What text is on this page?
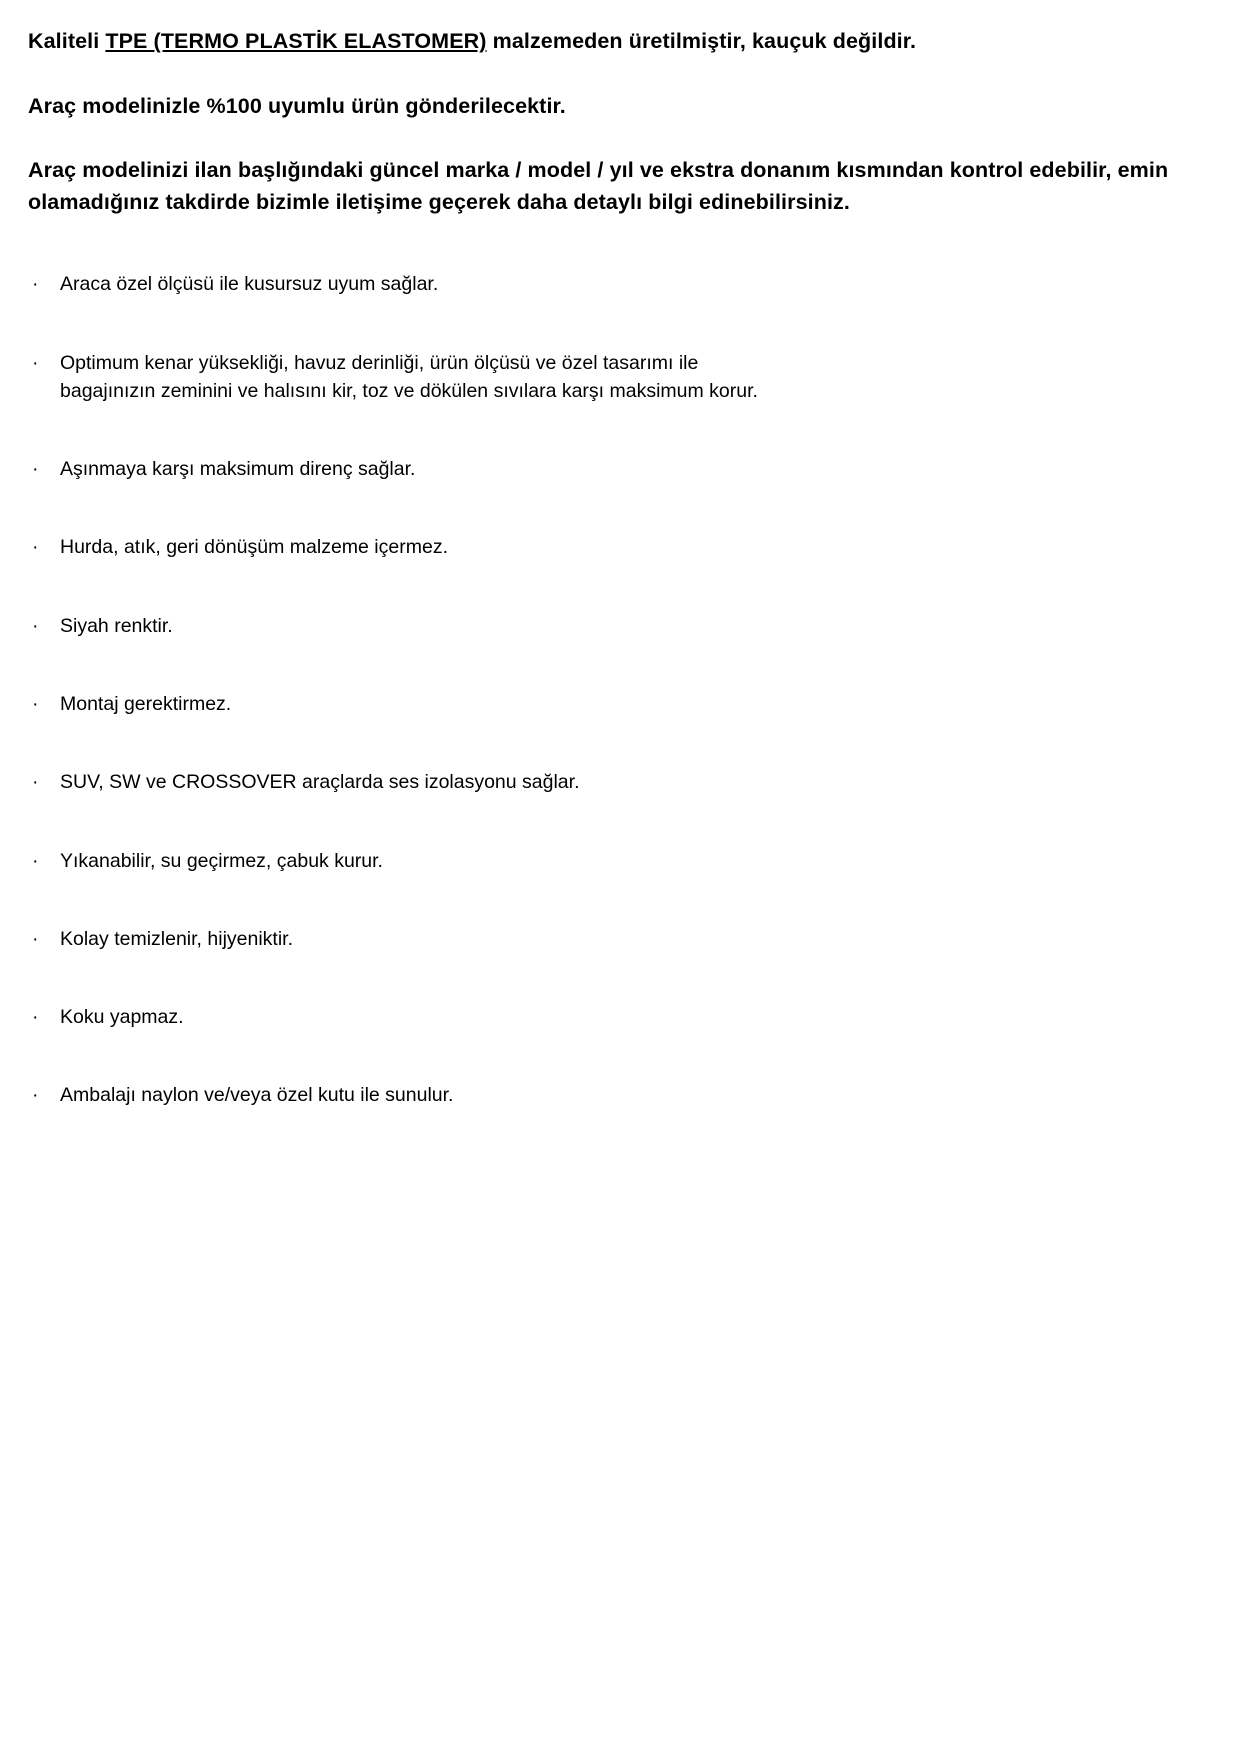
Kaliteli TPE (TERMO PLASTİK ELASTOMER) malzemeden üretilmiştir, kauçuk değildir.

Araç modelinizle %100 uyumlu ürün gönderilecektir.

Araç modelinizi ilan başlığındaki güncel marka / model / yıl ve ekstra donanım kısmından kontrol edebilir, emin olamadığınız takdirde bizimle iletişime geçerek daha detaylı bilgi edinebilirsiniz.

·	Araca özel ölçüsü ile kusursuz uyum sağlar.
·	Optimum kenar yüksekliği, havuz derinliği, ürün ölçüsü ve özel tasarımı ile
bagajınızın zeminini ve halısını kir, toz ve dökülen sıvılara karşı maksimum korur.
·	Aşınmaya karşı maksimum direnç sağlar.
·	Hurda, atık, geri dönüşüm malzeme içermez.
·	Siyah renktir.
·	Montaj gerektirmez.
·	SUV, SW ve CROSSOVER araçlarda ses izolasyonu sağlar.
·	Yıkanabilir, su geçirmez, çabuk kurur.
·	Kolay temizlenir, hijyeniktir.
·	Koku yapmaz.
·	Ambalajı naylon ve/veya özel kutu ile sunulur.
